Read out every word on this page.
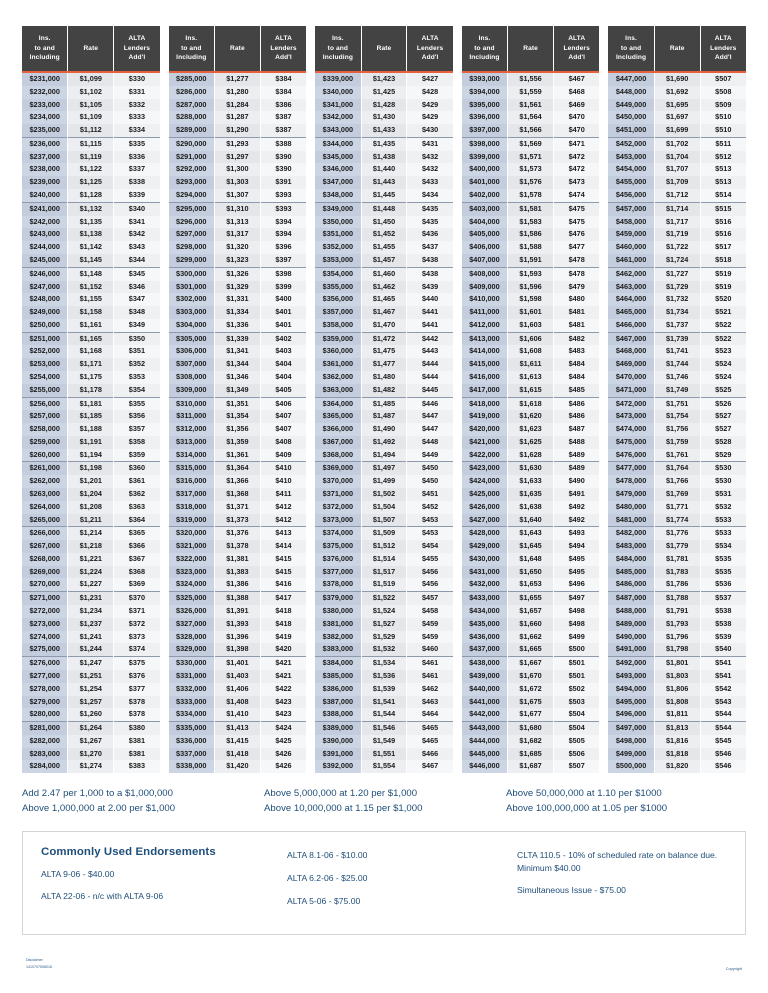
Ins.
to and
Including	Rate	ALTA
Lenders
Add'l
$231,000	$1,099	$330
$232,000	$1,102	$331
$233,000	$1,105	$332
$234,000	$1,109	$333
$235,000	$1,112	$334
$236,000	$1,115	$335
$237,000	$1,119	$336
$238,000	$1,122	$337
$239,000	$1,125	$338
$240,000	$1,128	$339
$241,000	$1,132	$340
$242,000	$1,135	$341
$243,000	$1,138	$342
$244,000	$1,142	$343
$245,000	$1,145	$344
$246,000	$1,148	$345
$247,000	$1,152	$346
$248,000	$1,155	$347
$249,000	$1,158	$348
$250,000	$1,161	$349
$251,000	$1,165	$350
$252,000	$1,168	$351
$253,000	$1,171	$352
$254,000	$1,175	$353
$255,000	$1,178	$354
$256,000	$1,181	$355
$257,000	$1,185	$356
$258,000	$1,188	$357
$259,000	$1,191	$358
$260,000	$1,194	$359
$261,000	$1,198	$360
$262,000	$1,201	$361
$263,000	$1,204	$362
$264,000	$1,208	$363
$265,000	$1,211	$364
$266,000	$1,214	$365
$267,000	$1,218	$366
$268,000	$1,221	$367
$269,000	$1,224	$368
$270,000	$1,227	$369
$271,000	$1,231	$370
$272,000	$1,234	$371
$273,000	$1,237	$372
$274,000	$1,241	$373
$275,000	$1,244	$374
$276,000	$1,247	$375
$277,000	$1,251	$376
$278,000	$1,254	$377
$279,000	$1,257	$378
$280,000	$1,260	$378
$281,000	$1,264	$380
$282,000	$1,267	$381
$283,000	$1,270	$381
$284,000	$1,274	$383
Ins.
to and
Including	Rate	ALTA
Lenders
Add'l
$285,000	$1,277	$384
$286,000	$1,280	$384
$287,000	$1,284	$386
$288,000	$1,287	$387
$289,000	$1,290	$387
$290,000	$1,293	$388
$291,000	$1,297	$390
$292,000	$1,300	$390
$293,000	$1,303	$391
$294,000	$1,307	$393
$295,000	$1,310	$393
$296,000	$1,313	$394
$297,000	$1,317	$394
$298,000	$1,320	$396
$299,000	$1,323	$397
$300,000	$1,326	$398
$301,000	$1,329	$399
$302,000	$1,331	$400
$303,000	$1,334	$401
$304,000	$1,336	$401
$305,000	$1,339	$402
$306,000	$1,341	$403
$307,000	$1,344	$404
$308,000	$1,346	$404
$309,000	$1,349	$405
$310,000	$1,351	$406
$311,000	$1,354	$407
$312,000	$1,356	$407
$313,000	$1,359	$408
$314,000	$1,361	$409
$315,000	$1,364	$410
$316,000	$1,366	$410
$317,000	$1,368	$411
$318,000	$1,371	$412
$319,000	$1,373	$412
$320,000	$1,376	$413
$321,000	$1,378	$414
$322,000	$1,381	$415
$323,000	$1,383	$415
$324,000	$1,386	$416
$325,000	$1,388	$417
$326,000	$1,391	$418
$327,000	$1,393	$418
$328,000	$1,396	$419
$329,000	$1,398	$420
$330,000	$1,401	$421
$331,000	$1,403	$421
$332,000	$1,406	$422
$333,000	$1,408	$423
$334,000	$1,410	$423
$335,000	$1,413	$424
$336,000	$1,415	$425
$337,000	$1,418	$426
$338,000	$1,420	$426
Ins.
to and
Including	Rate	ALTA
Lenders
Add'l
$339,000	$1,423	$427
$340,000	$1,425	$428
$341,000	$1,428	$429
$342,000	$1,430	$429
$343,000	$1,433	$430
$344,000	$1,435	$431
$345,000	$1,438	$432
$346,000	$1,440	$432
$347,000	$1,443	$433
$348,000	$1,445	$434
$349,000	$1,448	$435
$350,000	$1,450	$435
$351,000	$1,452	$436
$352,000	$1,455	$437
$353,000	$1,457	$438
$354,000	$1,460	$438
$355,000	$1,462	$439
$356,000	$1,465	$440
$357,000	$1,467	$441
$358,000	$1,470	$441
$359,000	$1,472	$442
$360,000	$1,475	$443
$361,000	$1,477	$444
$362,000	$1,480	$444
$363,000	$1,482	$445
$364,000	$1,485	$446
$365,000	$1,487	$447
$366,000	$1,490	$447
$367,000	$1,492	$448
$368,000	$1,494	$449
$369,000	$1,497	$450
$370,000	$1,499	$450
$371,000	$1,502	$451
$372,000	$1,504	$452
$373,000	$1,507	$453
$374,000	$1,509	$453
$375,000	$1,512	$454
$376,000	$1,514	$455
$377,000	$1,517	$456
$378,000	$1,519	$456
$379,000	$1,522	$457
$380,000	$1,524	$458
$381,000	$1,527	$459
$382,000	$1,529	$459
$383,000	$1,532	$460
$384,000	$1,534	$461
$385,000	$1,536	$461
$386,000	$1,539	$462
$387,000	$1,541	$463
$388,000	$1,544	$464
$389,000	$1,546	$465
$390,000	$1,549	$465
$391,000	$1,551	$466
$392,000	$1,554	$467
Ins.
to and
Including	Rate	ALTA
Lenders
Add'l
$393,000	$1,556	$467
$394,000	$1,559	$468
$395,000	$1,561	$469
$396,000	$1,564	$470
$397,000	$1,566	$470
$398,000	$1,569	$471
$399,000	$1,571	$472
$400,000	$1,573	$472
$401,000	$1,576	$473
$402,000	$1,578	$474
$403,000	$1,581	$475
$404,000	$1,583	$475
$405,000	$1,586	$476
$406,000	$1,588	$477
$407,000	$1,591	$478
$408,000	$1,593	$478
$409,000	$1,596	$479
$410,000	$1,598	$480
$411,000	$1,601	$481
$412,000	$1,603	$481
$413,000	$1,606	$482
$414,000	$1,608	$483
$415,000	$1,611	$484
$416,000	$1,613	$484
$417,000	$1,615	$485
$418,000	$1,618	$486
$419,000	$1,620	$486
$420,000	$1,623	$487
$421,000	$1,625	$488
$422,000	$1,628	$489
$423,000	$1,630	$489
$424,000	$1,633	$490
$425,000	$1,635	$491
$426,000	$1,638	$492
$427,000	$1,640	$492
$428,000	$1,643	$493
$429,000	$1,645	$494
$430,000	$1,648	$495
$431,000	$1,650	$495
$432,000	$1,653	$496
$433,000	$1,655	$497
$434,000	$1,657	$498
$435,000	$1,660	$498
$436,000	$1,662	$499
$437,000	$1,665	$500
$438,000	$1,667	$501
$439,000	$1,670	$501
$440,000	$1,672	$502
$441,000	$1,675	$503
$442,000	$1,677	$504
$443,000	$1,680	$504
$444,000	$1,682	$505
$445,000	$1,685	$506
$446,000	$1,687	$507
Ins.
to and
Including	Rate	ALTA
Lenders
Add'l
$447,000	$1,690	$507
$448,000	$1,692	$508
$449,000	$1,695	$509
$450,000	$1,697	$510
$451,000	$1,699	$510
$452,000	$1,702	$511
$453,000	$1,704	$512
$454,000	$1,707	$513
$455,000	$1,709	$513
$456,000	$1,712	$514
$457,000	$1,714	$515
$458,000	$1,717	$516
$459,000	$1,719	$516
$460,000	$1,722	$517
$461,000	$1,724	$518
$462,000	$1,727	$519
$463,000	$1,729	$519
$464,000	$1,732	$520
$465,000	$1,734	$521
$466,000	$1,737	$522
$467,000	$1,739	$522
$468,000	$1,741	$523
$469,000	$1,744	$524
$470,000	$1,746	$524
$471,000	$1,749	$525
$472,000	$1,751	$526
$473,000	$1,754	$527
$474,000	$1,756	$527
$475,000	$1,759	$528
$476,000	$1,761	$529
$477,000	$1,764	$530
$478,000	$1,766	$530
$479,000	$1,769	$531
$480,000	$1,771	$532
$481,000	$1,774	$533
$482,000	$1,776	$533
$483,000	$1,779	$534
$484,000	$1,781	$535
$485,000	$1,783	$535
$486,000	$1,786	$536
$487,000	$1,788	$537
$488,000	$1,791	$538
$489,000	$1,793	$538
$490,000	$1,796	$539
$491,000	$1,798	$540
$492,000	$1,801	$541
$493,000	$1,803	$541
$494,000	$1,806	$542
$495,000	$1,808	$543
$496,000	$1,811	$544
$497,000	$1,813	$544
$498,000	$1,816	$545
$499,000	$1,818	$546
$500,000	$1,820	$546
Add 2.47 per 1,000 to a $1,000,000
Above 1,000,000 at 2.00 per $1,000
Above 5,000,000 at 1.20 per $1,000
Above 10,000,000 at 1.15 per $1,000
Above 50,000,000 at 1.10 per $1000
Above 100,000,000 at 1.05 per $1000
Commonly Used Endorsements
ALTA 9-06 - $40.00
ALTA 22-06 - n/c with ALTA 9-06
ALTA 8.1-06 - $10.00
ALTA 6.2-06 - $25.00
ALTA 5-06 - $75.00
CLTA 110.5 - 10% of scheduled rate on balance due. Minimum $40.00
Simultaneous Issue - $75.00
Disclaimer
1410707508016	Copyright
